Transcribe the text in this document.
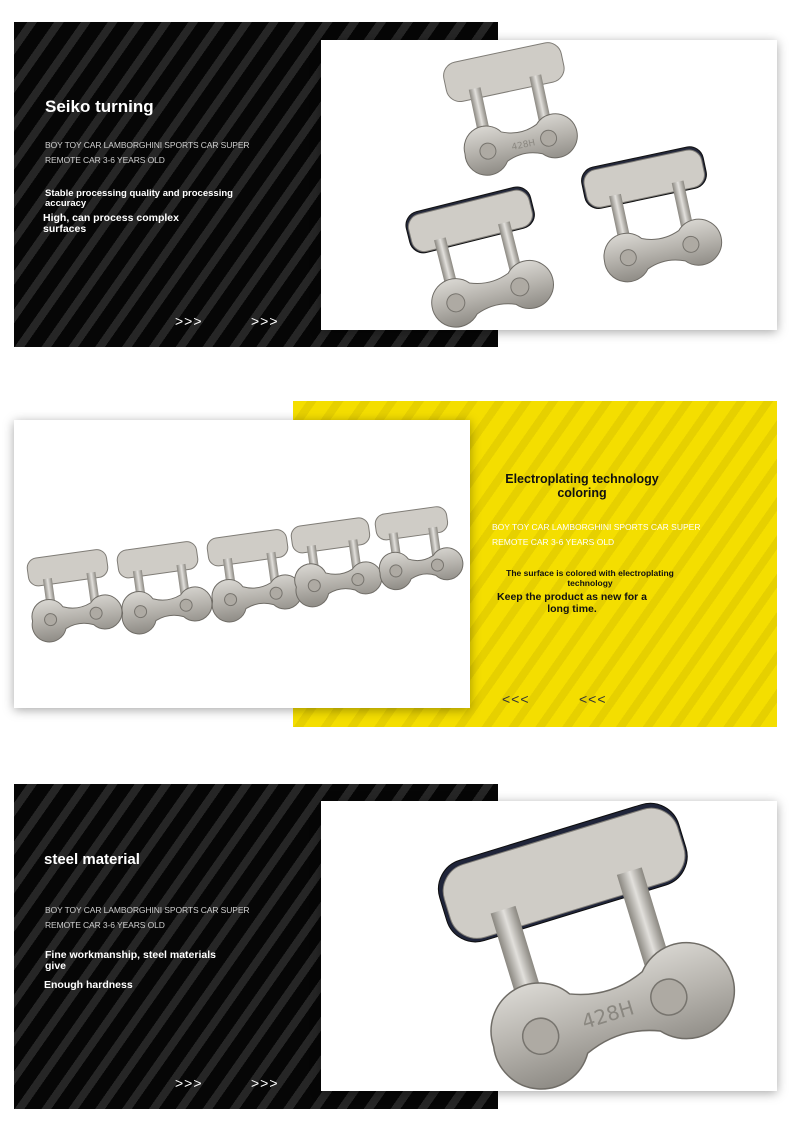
Seiko turning

BOY TOY CAR LAMBORGHINI SPORTS CAR SUPER

REMOTE CAR 3-6 YEARS OLD

Stable processing quality and processing accuracy

High, can process complex surfaces

>>>	>>>
428H
Electroplating technology coloring

BOY TOY CAR LAMBORGHINI SPORTS CAR SUPER

REMOTE CAR 3-6 YEARS OLD

The surface is colored with electroplating technology

Keep the product as new for a long time.

<<<	<<<
steel material

BOY TOY CAR LAMBORGHINI SPORTS CAR SUPER

REMOTE CAR 3-6 YEARS OLD

Fine workmanship, steel materials give

Enough hardness

>>>	>>>
428H
